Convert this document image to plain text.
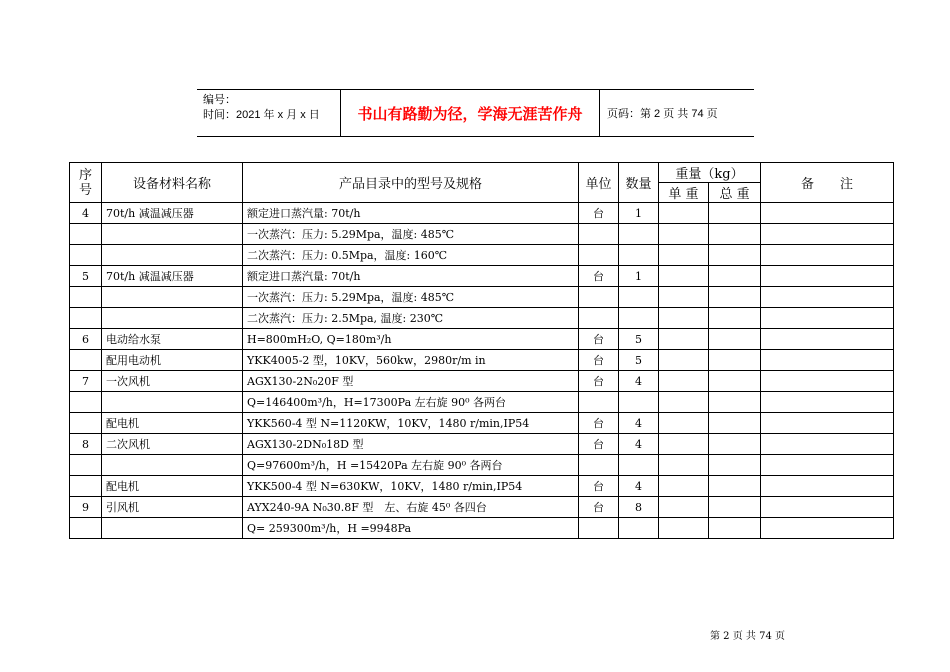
编号：
时间：2021 年 x 月 x 日	书山有路勤为径，学海无涯苦作舟	页码：第 2 页 共 74 页
序号	设备材料名称	产品目录中的型号及规格	单位	数量	重量（kg）		备　　注
					单 重	总 重	
4	70t/h 减温减压器	额定进口蒸汽量: 70t/h	台	1			
		一次蒸汽：压力: 5.29Mpa，温度: 485℃					
		二次蒸汽：压力: 0.5Mpa，温度: 160℃					
5	70t/h 减温减压器	额定进口蒸汽量: 70t/h	台	1			
		一次蒸汽：压力: 5.29Mpa，温度: 485℃					
		二次蒸汽：压力: 2.5Mpa, 温度: 230℃					
6	电动给水泵	H=800mH₂O, Q=180m³/h	台	5			
	配用电动机	YKK4005-2 型，10KV，560kw，2980r/m in	台	5			
7	一次风机	AGX130-2N₀20F 型	台	4			
		Q=146400m³/h，H=17300Pa 左右旋 90⁰ 各两台					
	配电机	YKK560-4 型 N=1120KW，10KV，1480 r/min,IP54	台	4			
8	二次风机	AGX130-2DN₀18D 型	台	4			
		Q=97600m³/h，H =15420Pa 左右旋 90⁰ 各两台					
	配电机	YKK500-4 型 N=630KW，10KV，1480 r/min,IP54	台	4			
9	引风机	AYX240-9A N₀30.8F 型　左、右旋 45⁰ 各四台	台	8			
		Q= 259300m³/h，H =9948Pa					
第 2 页 共 74 页
